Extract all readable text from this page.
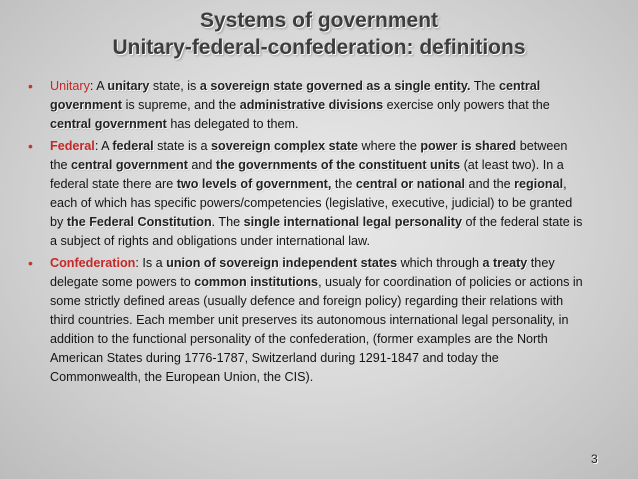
Systems of government
Unitary-federal-confederation: definitions
• Unitary: A unitary state, is a sovereign state governed as a single entity. The central government is supreme, and the administrative divisions exercise only powers that the central government has delegated to them.
• Federal: A federal state is a sovereign complex state where the power is shared between the central government and the governments of the constituent units (at least two). In a federal state there are two levels of government, the central or national and the regional, each of which has specific powers/competencies (legislative, executive, judicial) to be granted by the Federal Constitution. The single international legal personality of the federal state is a subject of rights and obligations under international law.
• Confederation: Is a union of sovereign independent states which through a treaty they delegate some powers to common institutions, usualy for coordination of policies or actions in some strictly defined areas (usually defence and foreign policy) regarding their relations with third countries. Each member unit preserves its autonomous international legal personality, in addition to the functional personality of the confederation, (former examples are the North American States during 1776-1787, Switzerland during 1291-1847 and today the Commonwealth, the European Union, the CIS).
3
